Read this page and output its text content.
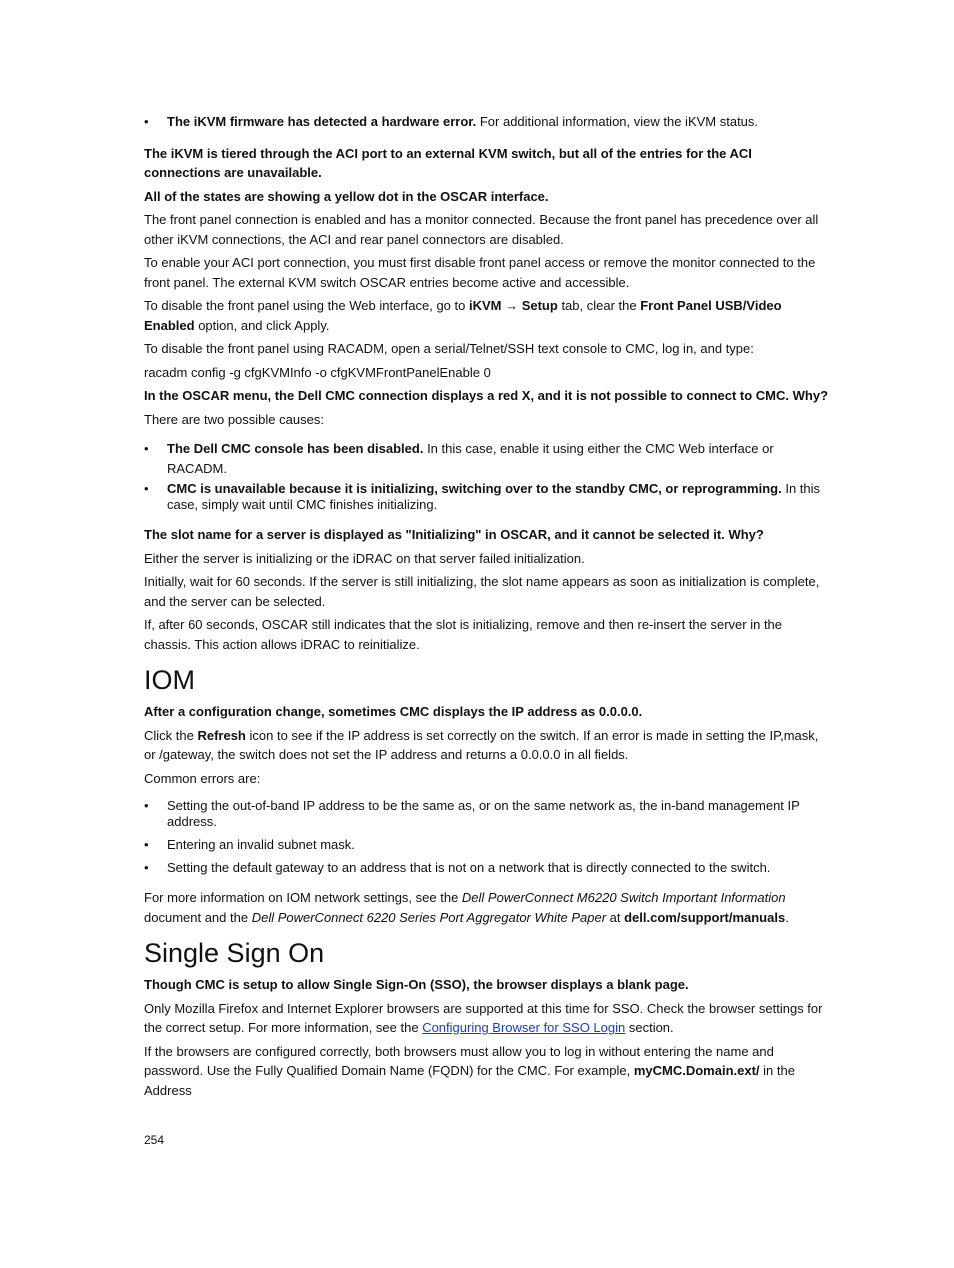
• The iKVM firmware has detected a hardware error. For additional information, view the iKVM status.

The iKVM is tiered through the ACI port to an external KVM switch, but all of the entries for the ACI connections are unavailable.

All of the states are showing a yellow dot in the OSCAR interface.

The front panel connection is enabled and has a monitor connected. Because the front panel has precedence over all other iKVM connections, the ACI and rear panel connectors are disabled.

To enable your ACI port connection, you must first disable front panel access or remove the monitor connected to the front panel. The external KVM switch OSCAR entries become active and accessible.

To disable the front panel using the Web interface, go to iKVM → Setup tab, clear the Front Panel USB/Video Enabled option, and click Apply.

To disable the front panel using RACADM, open a serial/Telnet/SSH text console to CMC, log in, and type:

racadm config -g cfgKVMInfo -o cfgKVMFrontPanelEnable 0

In the OSCAR menu, the Dell CMC connection displays a red X, and it is not possible to connect to CMC. Why?

There are two possible causes:

• The Dell CMC console has been disabled. In this case, enable it using either the CMC Web interface or RACADM.
• CMC is unavailable because it is initializing, switching over to the standby CMC, or reprogramming. In this case, simply wait until CMC finishes initializing.

The slot name for a server is displayed as "Initializing" in OSCAR, and it cannot be selected it. Why?

Either the server is initializing or the iDRAC on that server failed initialization.

Initially, wait for 60 seconds. If the server is still initializing, the slot name appears as soon as initialization is complete, and the server can be selected.

If, after 60 seconds, OSCAR still indicates that the slot is initializing, remove and then re-insert the server in the chassis. This action allows iDRAC to reinitialize.

IOM

After a configuration change, sometimes CMC displays the IP address as 0.0.0.0.

Click the Refresh icon to see if the IP address is set correctly on the switch. If an error is made in setting the IP,mask, or /gateway, the switch does not set the IP address and returns a 0.0.0.0 in all fields.

Common errors are:

• Setting the out-of-band IP address to be the same as, or on the same network as, the in-band management IP address.
• Entering an invalid subnet mask.
• Setting the default gateway to an address that is not on a network that is directly connected to the switch.

For more information on IOM network settings, see the Dell PowerConnect M6220 Switch Important Information document and the Dell PowerConnect 6220 Series Port Aggregator White Paper at dell.com/support/manuals.

Single Sign On

Though CMC is setup to allow Single Sign-On (SSO), the browser displays a blank page.

Only Mozilla Firefox and Internet Explorer browsers are supported at this time for SSO. Check the browser settings for the correct setup. For more information, see the Configuring Browser for SSO Login section.

If the browsers are configured correctly, both browsers must allow you to log in without entering the name and password. Use the Fully Qualified Domain Name (FQDN) for the CMC. For example, myCMC.Domain.ext/ in the Address

254
